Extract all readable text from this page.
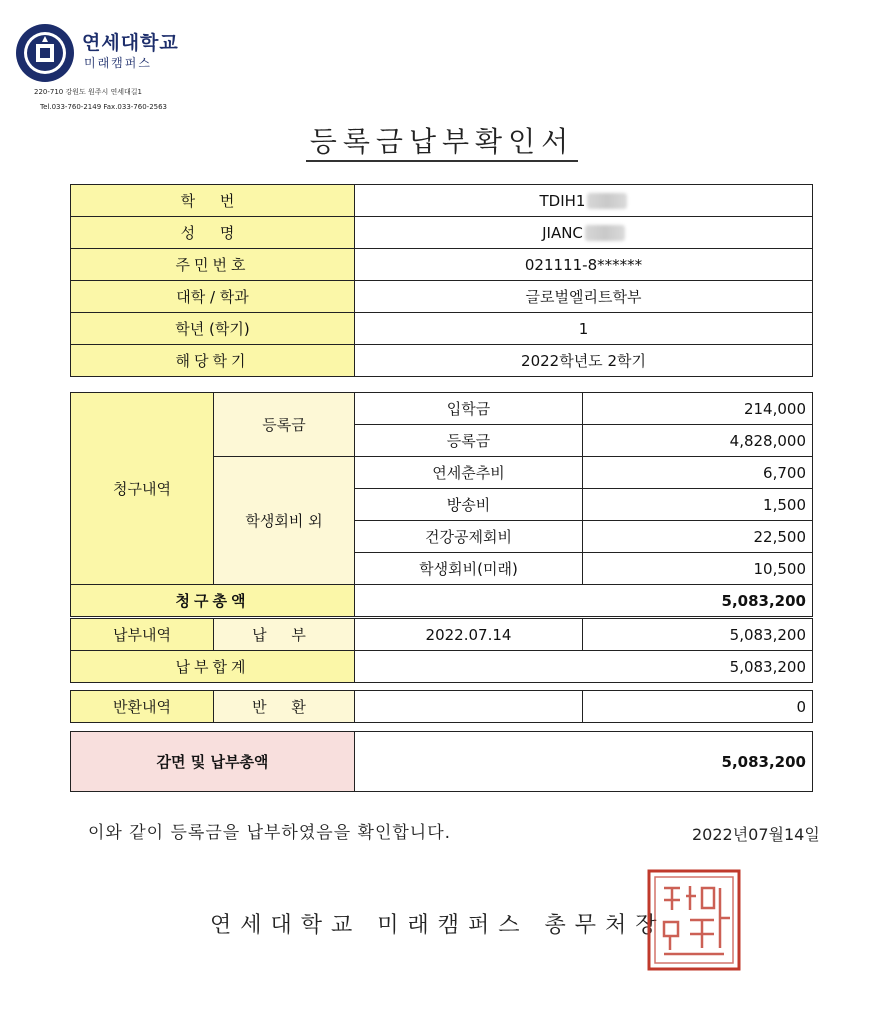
연세대학교
미래캠퍼스
220-710 강원도 원주시 연세대길1
Tel.033-760-2149 Fax.033-760-2563
등록금납부확인서
학 번	TDIH1
성 명	JIANC
주민번호	021111-8******
대학 / 학과	글로벌엘리트학부
학년 (학기)	1
해당학기	2022학년도 2학기
청구내역	등록금	입학금	214,000
		등록금	4,828,000
	학생회비 외	연세춘추비	6,700
		방송비	1,500
		건강공제회비	22,500
		학생회비(미래)	10,500
청구총액		5,083,200	
납부내역	납 부	2022.07.14	5,083,200
납부합계		5,083,200	
반환내역	반 환		0
감면 및 납부총액	5,083,200
이와 같이 등록금을 납부하였음을 확인합니다.	2022년07월14일
연세대학교 미래캠퍼스 총무처장
